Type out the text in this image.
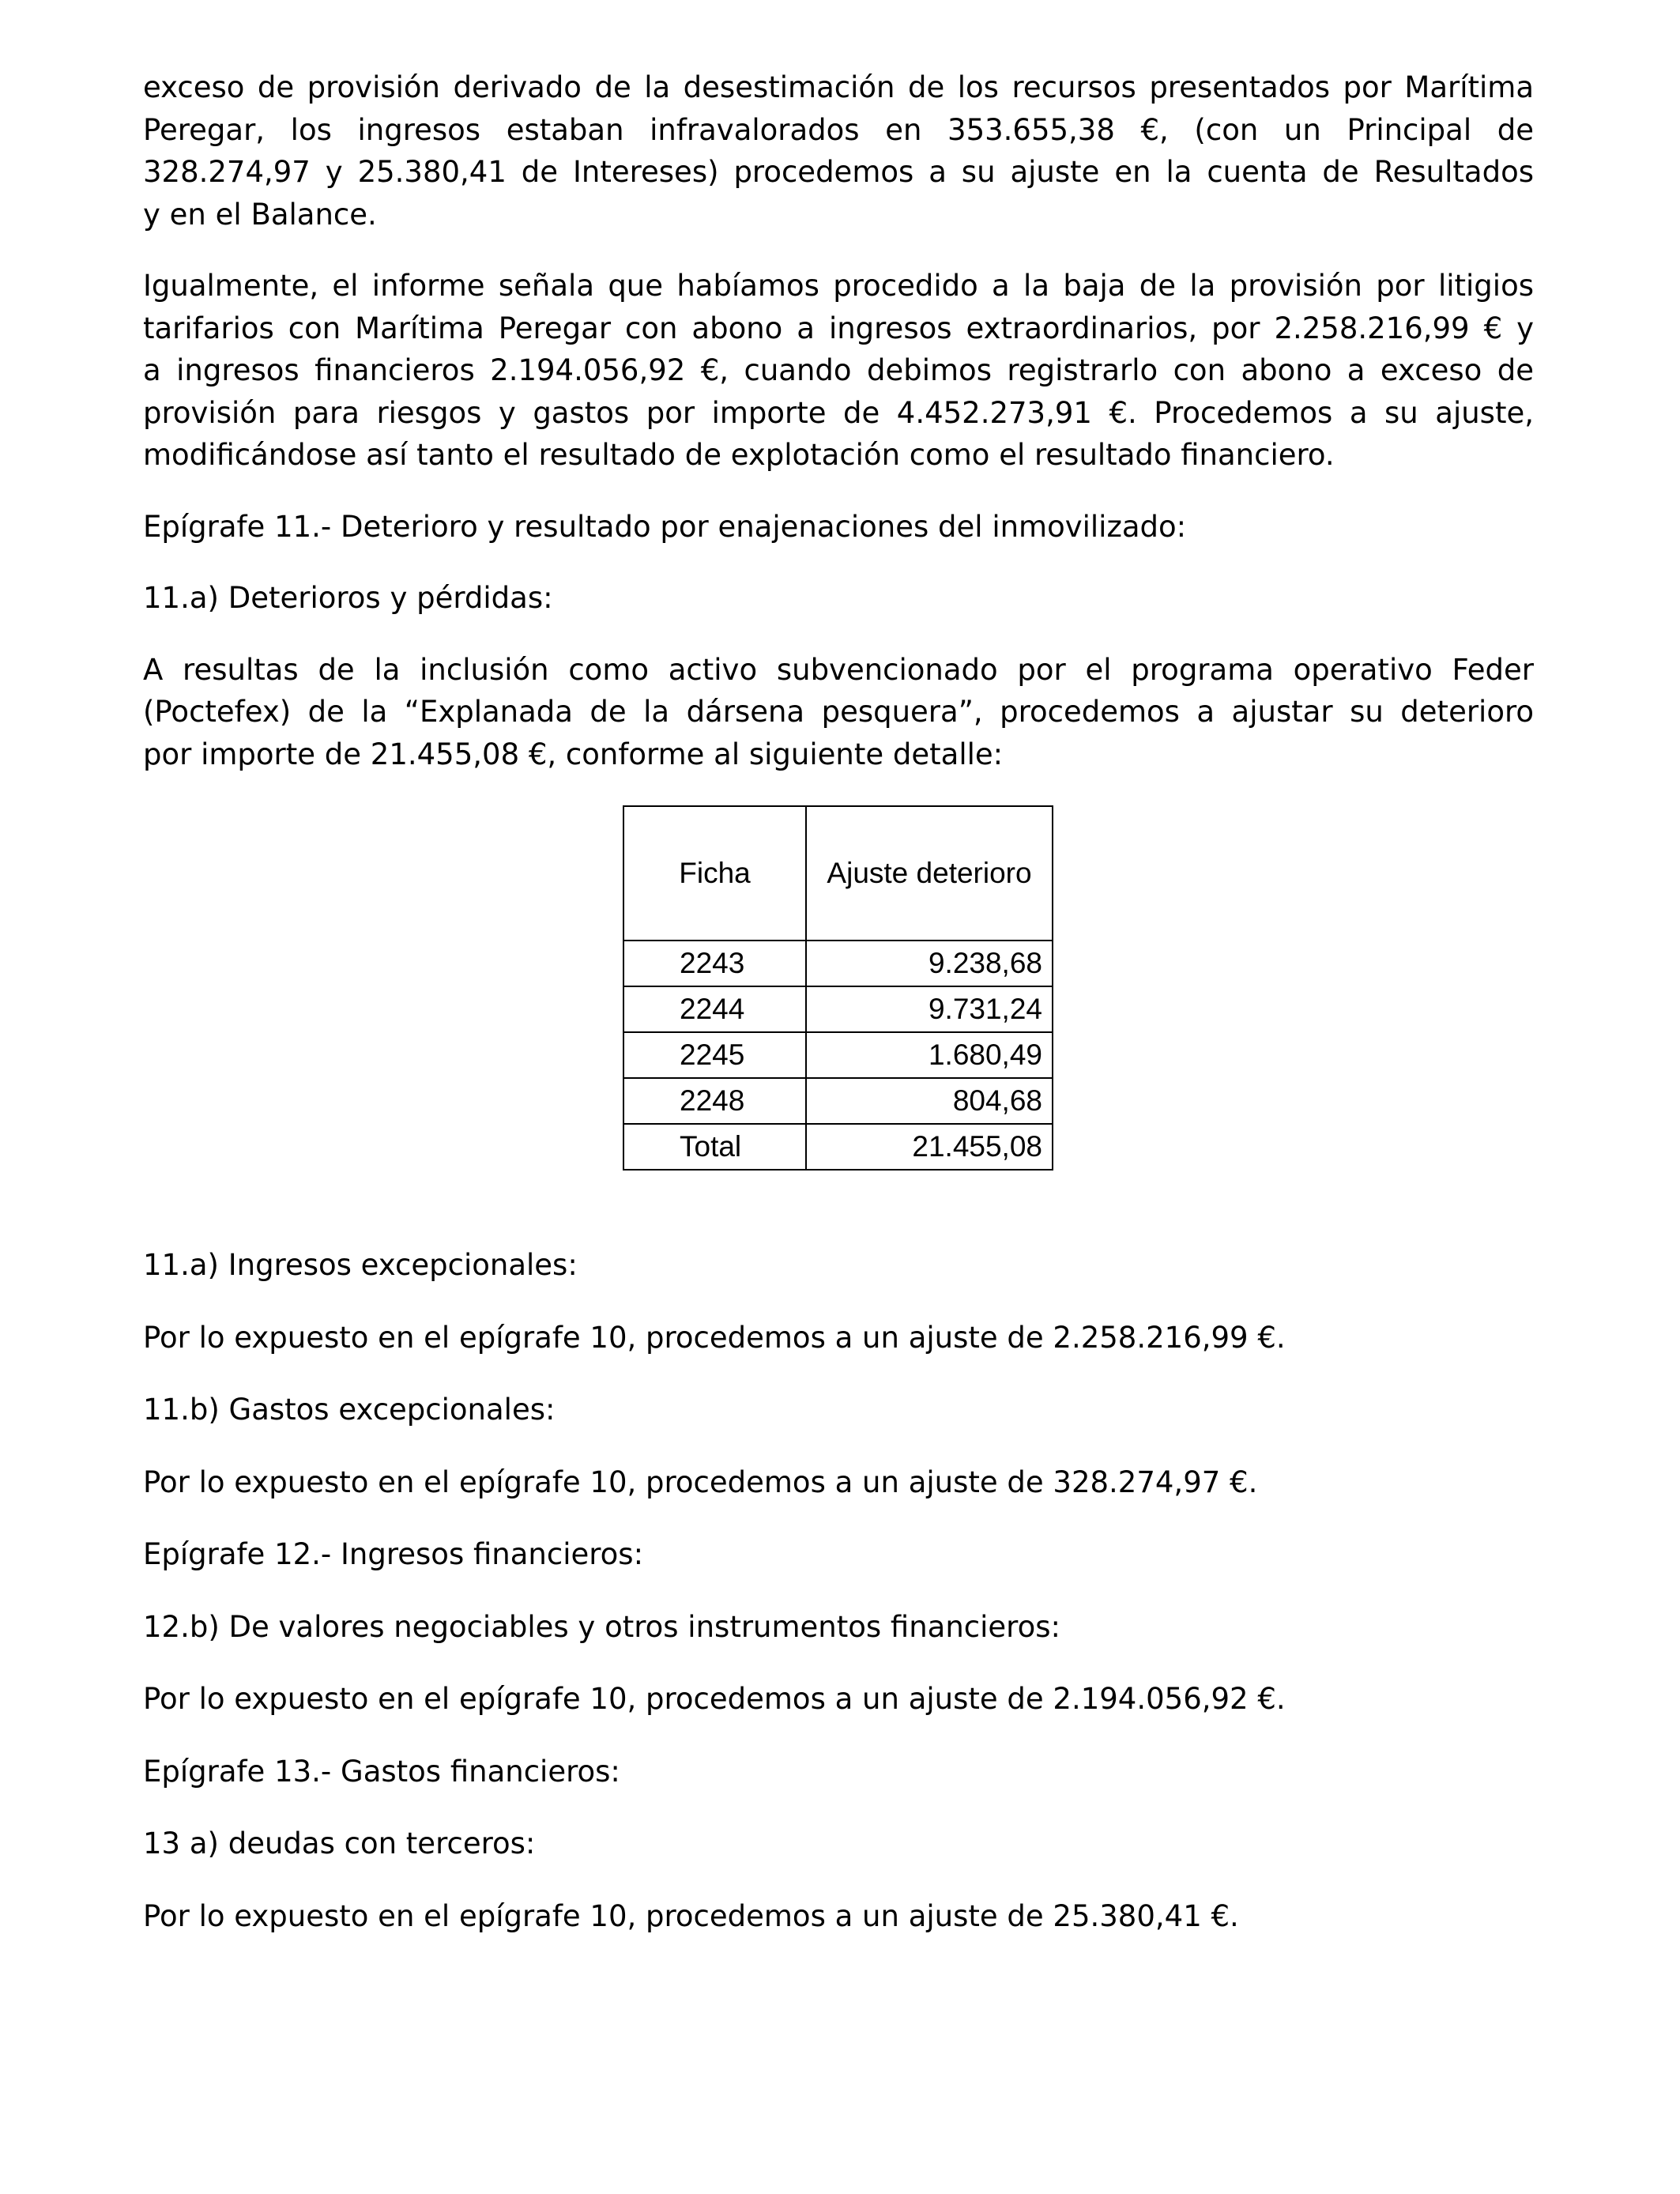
exceso de provisión derivado de la desestimación de los recursos presentados por Marítima
Peregar, los ingresos estaban infravalorados en 353.655,38 €, (con un Principal de
328.274,97 y 25.380,41 de Intereses) procedemos a su ajuste en la cuenta de Resultados
y en el Balance.
Igualmente, el informe señala que habíamos procedido a la baja de la provisión por litigios
tarifarios con Marítima Peregar con abono a ingresos extraordinarios, por 2.258.216,99 € y
a ingresos financieros 2.194.056,92 €, cuando debimos registrarlo con abono a exceso de
provisión para riesgos y gastos por importe de 4.452.273,91 €. Procedemos a su ajuste,
modificándose así tanto el resultado de explotación como el resultado financiero.
Epígrafe 11.- Deterioro y resultado por enajenaciones del inmovilizado:
11.a) Deterioros y pérdidas:
A resultas de la inclusión como activo subvencionado por el programa operativo Feder
(Poctefex) de la “Explanada de la dársena pesquera”, procedemos a ajustar su deterioro
por importe de 21.455,08 €, conforme al siguiente detalle:
Ficha	Ajuste deterioro
2243	9.238,68
2244	9.731,24
2245	1.680,49
2248	804,68
Total	21.455,08
11.a) Ingresos excepcionales:
Por lo expuesto en el epígrafe 10, procedemos a un ajuste de 2.258.216,99 €.
11.b) Gastos excepcionales:
Por lo expuesto en el epígrafe 10, procedemos a un ajuste de 328.274,97 €.
Epígrafe 12.- Ingresos financieros:
12.b) De valores negociables y otros instrumentos financieros:
Por lo expuesto en el epígrafe 10, procedemos a un ajuste de 2.194.056,92 €.
Epígrafe 13.- Gastos financieros:
13 a) deudas con terceros:
Por lo expuesto en el epígrafe 10, procedemos a un ajuste de 25.380,41 €.
